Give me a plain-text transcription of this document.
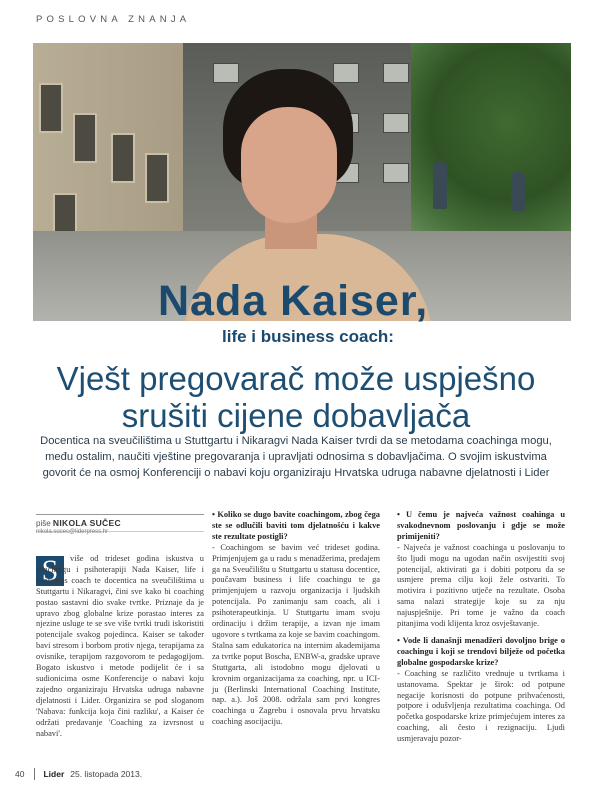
POSLOVNA ZNANJA
Nada Kaiser,
life i business coach:
Vješt pregovarač može uspješno
srušiti cijene dobavljača
Docentica na sveučilištima u Stuttgartu i Nikaragvi Nada Kaiser tvrdi da se metodama coachinga mogu, među ostalim, naučiti vještine pregovaranja i upravljati odnosima s dobavljačima. O svojim iskustvima govorit će na osmoj Konferenciji o nabavi koju organiziraju Hrvatska udruga nabavne djelatnosti i Lider
piše NIKOLA SUČEC
nikola.sucec@liderpress.hr
S	više od trideset godina iskustva u coachingu i psihoterapiji Nada Kaiser, life i bussiness coach te docentica na sveučilištima u Stuttgartu i Nikaragvi, čini sve kako bi coaching postao sastavni dio svake tvrtke. Priznaje da je upravo zbog globalne krize porastao interes za njezine usluge te se sve više tvrtki trudi iskoristiti potencijale svakog pojedinca. Kaiser se također bavi stresom i borbom protiv njega, terapijama za ovisnike, terapijom razgovorom te pedagogijom. Bogato iskustvo i metode podijelit će i sa sudionicima osme Konferencije o nabavi koju zajedno organiziraju Hrvatska udruga nabavne djelatnosti i Lider. Organizira se pod sloganom 'Nabava: funkcija koja čini razliku', a Kaiser će održati predavanje 'Coaching za izvrsnost u nabavi'.

• Koliko se dugo bavite coachingom, zbog čega ste se odlučili baviti tom djelatnošću i kakve ste rezultate postigli?

- Coachingom se bavim već trideset godina. Primjenjujem ga u radu s menadžerima, predajem ga na Sveučilištu u Stuttgartu u statusu docentice, poučavam business i life coachingu te ga primjenjujem u razvoju organizacija i ljudskih potencijala. Po zanimanju sam coach, ali i psihoterapeutkinja. U Stuttgartu imam svoju ordinaciju i držim terapije, a izvan nje imam ugovore s tvrtkama za koje se bavim coachingom. Stalna sam edukatorica na internim akademijama za tvrtke poput Boscha, ENBW-a, gradske uprave Stuttgarta, ali istodobno mogu djelovati u krovnim organizacijama za coaching, npr. u ICI-ju (Berlinski International Coaching Institute, nap. a.). Još 2008. održala sam prvi kongres coachinga u Zagrebu i osnovala prvu hrvatsku coaching asocijaciju.

• U čemu je najveća važnost coahinga u svakodnevnom poslovanju i gdje se može primijeniti?

- Najveća je važnost coachinga u poslovanju to što ljudi mogu na ugodan način osvijestiti svoj potencijal, aktivirati ga i dobiti potporu da se usmjere prema cilju koji žele ostvariti. To motivira i pozitivno utječe na rezultate. Osoba sama nalazi strategije koje su za nju najuspješnije. Pri tome je važno da coach pitanjima vodi klijenta kroz osvještavanje.

• Vode li današnji menadžeri dovoljno brige o coachingu i koji se trendovi bilježe od početka globalne gospodarske krize?

- Coaching se različito vrednuje u tvrtkama i ustanovama. Spektar je širok: od potpune negacije korisnosti do potpune prihvaćenosti, potpore i odušvljenja rezultatima coachinga. Od početka gospodarske krize primjećujem interes za coaching, ali često i rezignaciju. Ljudi usmjeravaju pozor-

40 Lider 25. listopada 2013.
